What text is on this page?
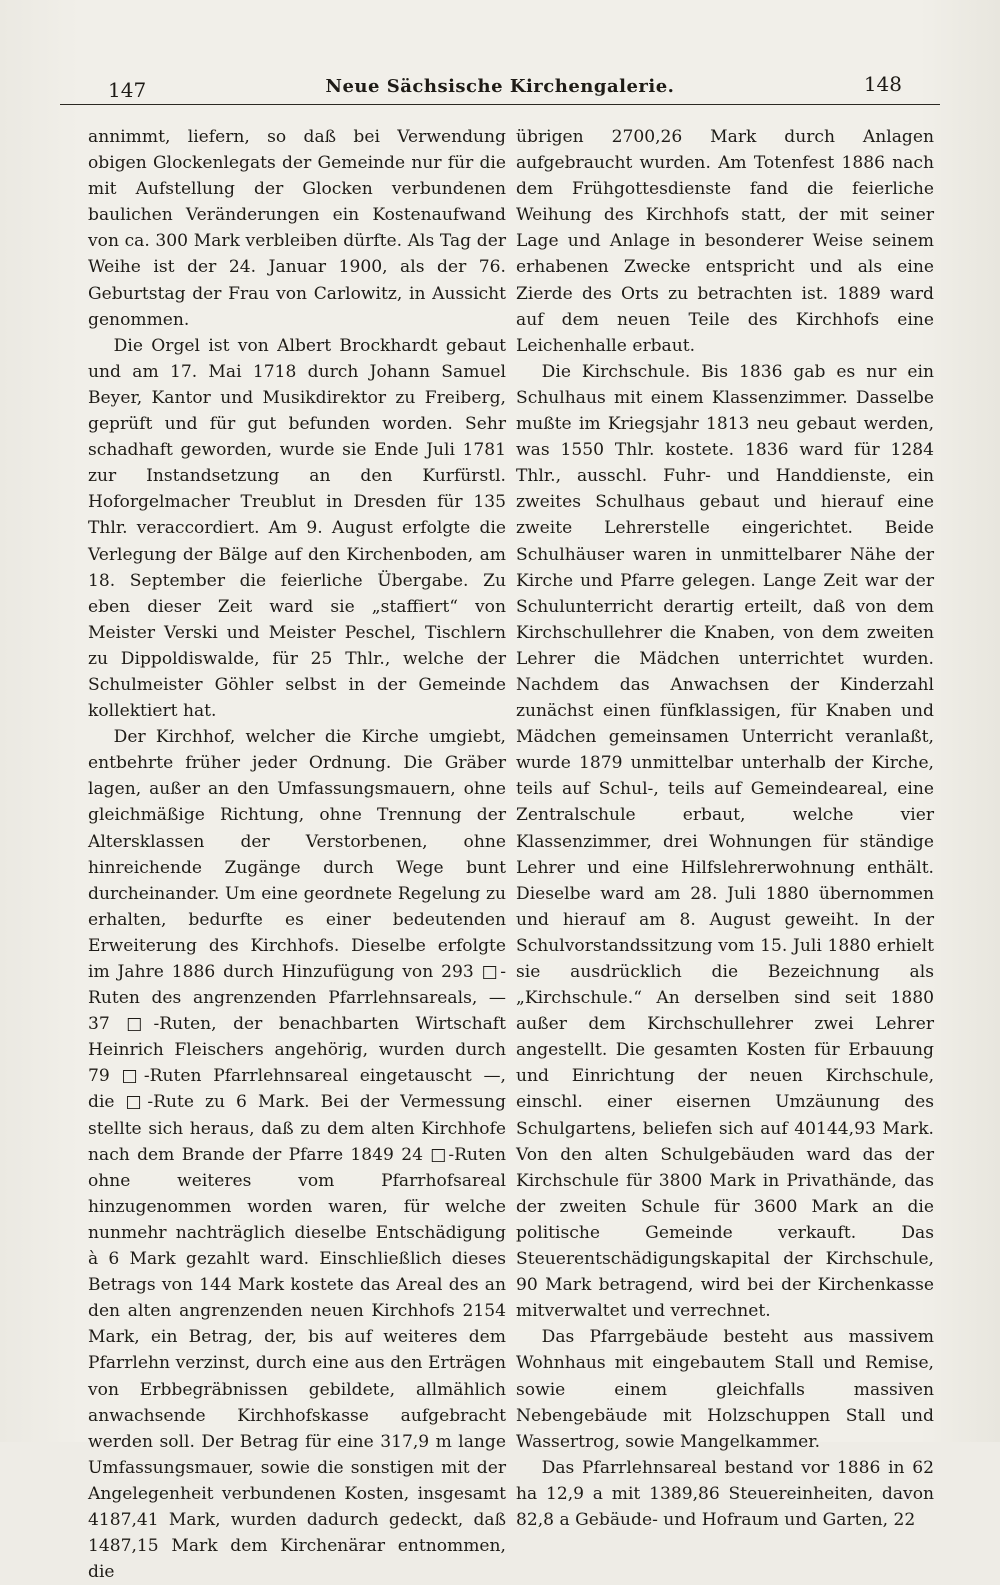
147	Neue Sächsische Kirchengalerie.	148

annimmt, liefern, so daß bei Verwendung obigen Glockenlegats der Gemeinde nur für die mit Aufstellung der Glocken verbundenen baulichen Veränderungen ein Kostenaufwand von ca. 300 Mark verbleiben dürfte. Als Tag der Weihe ist der 24. Januar 1900, als der 76. Geburtstag der Frau von Carlowitz, in Aussicht genommen.

Die Orgel ist von Albert Brockhardt gebaut und am 17. Mai 1718 durch Johann Samuel Beyer, Kantor und Musikdirektor zu Freiberg, geprüft und für gut befunden worden. Sehr schadhaft geworden, wurde sie Ende Juli 1781 zur Instandsetzung an den Kurfürstl. Hoforgelmacher Treublut in Dresden für 135 Thlr. veraccordiert. Am 9. August erfolgte die Verlegung der Bälge auf den Kirchenboden, am 18. September die feierliche Übergabe. Zu eben dieser Zeit ward sie „staffiert“ von Meister Verski und Meister Peschel, Tischlern zu Dippoldiswalde, für 25 Thlr., welche der Schulmeister Göhler selbst in der Gemeinde kollektiert hat.

Der Kirchhof, welcher die Kirche umgiebt, entbehrte früher jeder Ordnung. Die Gräber lagen, außer an den Umfassungsmauern, ohne gleichmäßige Richtung, ohne Trennung der Altersklassen der Verstorbenen, ohne hinreichende Zugänge durch Wege bunt durcheinander. Um eine geordnete Regelung zu erhalten, bedurfte es einer bedeutenden Erweiterung des Kirchhofs. Dieselbe erfolgte im Jahre 1886 durch Hinzufügung von 293 □-Ruten des angrenzenden Pfarrlehnsareals, — 37 □-Ruten, der benachbarten Wirtschaft Heinrich Fleischers angehörig, wurden durch 79 □-Ruten Pfarrlehnsareal eingetauscht —, die □-Rute zu 6 Mark. Bei der Vermessung stellte sich heraus, daß zu dem alten Kirchhofe nach dem Brande der Pfarre 1849 24 □-Ruten ohne weiteres vom Pfarrhofsareal hinzugenommen worden waren, für welche nunmehr nachträglich dieselbe Entschädigung à 6 Mark gezahlt ward. Einschließlich dieses Betrags von 144 Mark kostete das Areal des an den alten angrenzenden neuen Kirchhofs 2154 Mark, ein Betrag, der, bis auf weiteres dem Pfarrlehn verzinst, durch eine aus den Erträgen von Erbbegräbnissen gebildete, allmählich anwachsende Kirchhofskasse aufgebracht werden soll. Der Betrag für eine 317,9 m lange Umfassungsmauer, sowie die sonstigen mit der Angelegenheit verbundenen Kosten, insgesamt 4187,41 Mark, wurden dadurch gedeckt, daß 1487,15 Mark dem Kirchenärar entnommen, die

übrigen 2700,26 Mark durch Anlagen aufgebraucht wurden. Am Totenfest 1886 nach dem Frühgottesdienste fand die feierliche Weihung des Kirchhofs statt, der mit seiner Lage und Anlage in besonderer Weise seinem erhabenen Zwecke entspricht und als eine Zierde des Orts zu betrachten ist. 1889 ward auf dem neuen Teile des Kirchhofs eine Leichenhalle erbaut.

Die Kirchschule. Bis 1836 gab es nur ein Schulhaus mit einem Klassenzimmer. Dasselbe mußte im Kriegsjahr 1813 neu gebaut werden, was 1550 Thlr. kostete. 1836 ward für 1284 Thlr., ausschl. Fuhr- und Handdienste, ein zweites Schulhaus gebaut und hierauf eine zweite Lehrerstelle eingerichtet. Beide Schulhäuser waren in unmittelbarer Nähe der Kirche und Pfarre gelegen. Lange Zeit war der Schulunterricht derartig erteilt, daß von dem Kirchschullehrer die Knaben, von dem zweiten Lehrer die Mädchen unterrichtet wurden. Nachdem das Anwachsen der Kinderzahl zunächst einen fünfklassigen, für Knaben und Mädchen gemeinsamen Unterricht veranlaßt, wurde 1879 unmittelbar unterhalb der Kirche, teils auf Schul-, teils auf Gemeindeareal, eine Zentralschule erbaut, welche vier Klassenzimmer, drei Wohnungen für ständige Lehrer und eine Hilfslehrerwohnung enthält. Dieselbe ward am 28. Juli 1880 übernommen und hierauf am 8. August geweiht. In der Schulvorstandssitzung vom 15. Juli 1880 erhielt sie ausdrücklich die Bezeichnung als „Kirchschule.“ An derselben sind seit 1880 außer dem Kirchschullehrer zwei Lehrer angestellt. Die gesamten Kosten für Erbauung und Einrichtung der neuen Kirchschule, einschl. einer eisernen Umzäunung des Schulgartens, beliefen sich auf 40144,93 Mark. Von den alten Schulgebäuden ward das der Kirchschule für 3800 Mark in Privathände, das der zweiten Schule für 3600 Mark an die politische Gemeinde verkauft. Das Steuerentschädigungskapital der Kirchschule, 90 Mark betragend, wird bei der Kirchenkasse mitverwaltet und verrechnet.

Das Pfarrgebäude besteht aus massivem Wohnhaus mit eingebautem Stall und Remise, sowie einem gleichfalls massiven Nebengebäude mit Holzschuppen Stall und Wassertrog, sowie Mangelkammer.

Das Pfarrlehnsareal bestand vor 1886 in 62 ha 12,9 a mit 1389,86 Steuereinheiten, davon 82,8 a Gebäude- und Hofraum und Garten, 22
